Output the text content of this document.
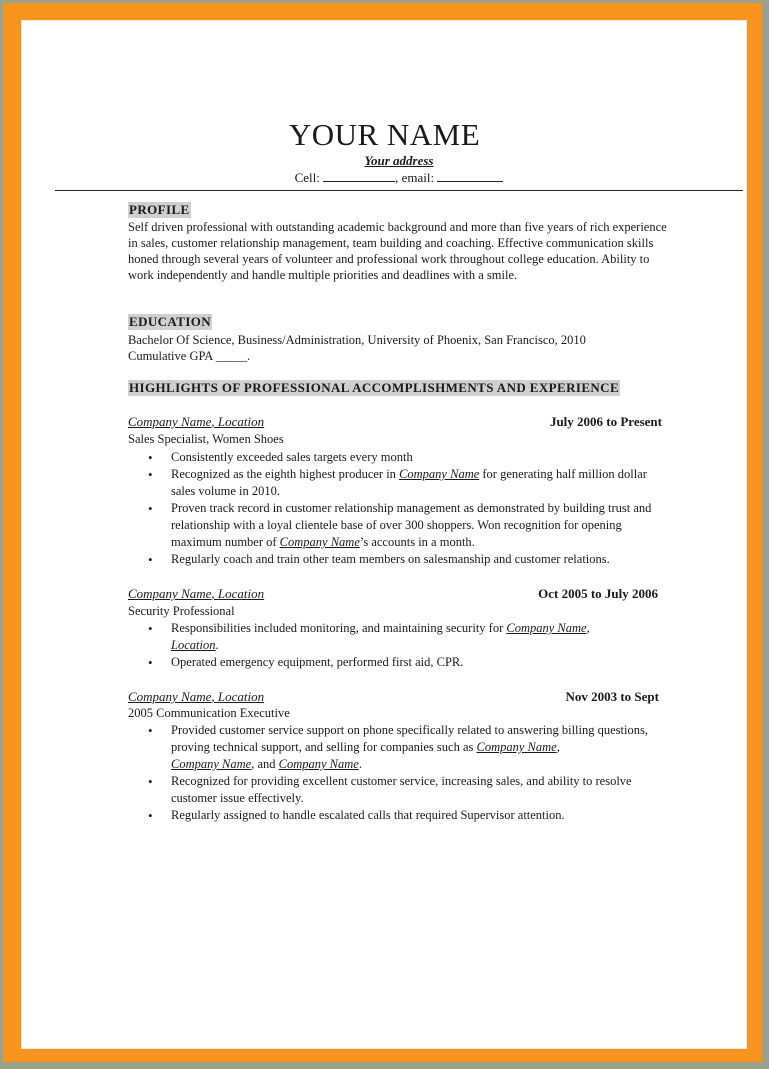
YOUR NAME
Your address
Cell:	, email:
PROFILE
Self driven professional with outstanding academic background and more than five years of rich experience in sales, customer relationship management, team building and coaching. Effective communication skills honed through several years of volunteer and professional work throughout college education. Ability to work independently and handle multiple priorities and deadlines with a smile.
EDUCATION
Bachelor Of Science, Business/Administration, University of Phoenix, San Francisco, 2010
Cumulative GPA _____.
HIGHLIGHTS OF PROFESSIONAL ACCOMPLISHMENTS AND EXPERIENCE
Company Name, Location	July 2006 to Present
Sales Specialist, Women Shoes
• Consistently exceeded sales targets every month
• Recognized as the eighth highest producer in Company Name for generating half million dollar sales volume in 2010.
• Proven track record in customer relationship management as demonstrated by building trust and relationship with a loyal clientele base of over 300 shoppers. Won recognition for opening maximum number of Company Name’s accounts in a month.
• Regularly coach and train other team members on salesmanship and customer relations.
Company Name, Location	Oct 2005 to July 2006
Security Professional
• Responsibilities included monitoring, and maintaining security for Company Name,
Location.
• Operated emergency equipment, performed first aid, CPR.
Company Name, Location	Nov 2003 to Sept
2005 Communication Executive
• Provided customer service support on phone specifically related to answering billing questions, proving technical support, and selling for companies such as Company Name,
Company Name, and Company Name.
• Recognized for providing excellent customer service, increasing sales, and ability to resolve customer issue effectively.
• Regularly assigned to handle escalated calls that required Supervisor attention.
